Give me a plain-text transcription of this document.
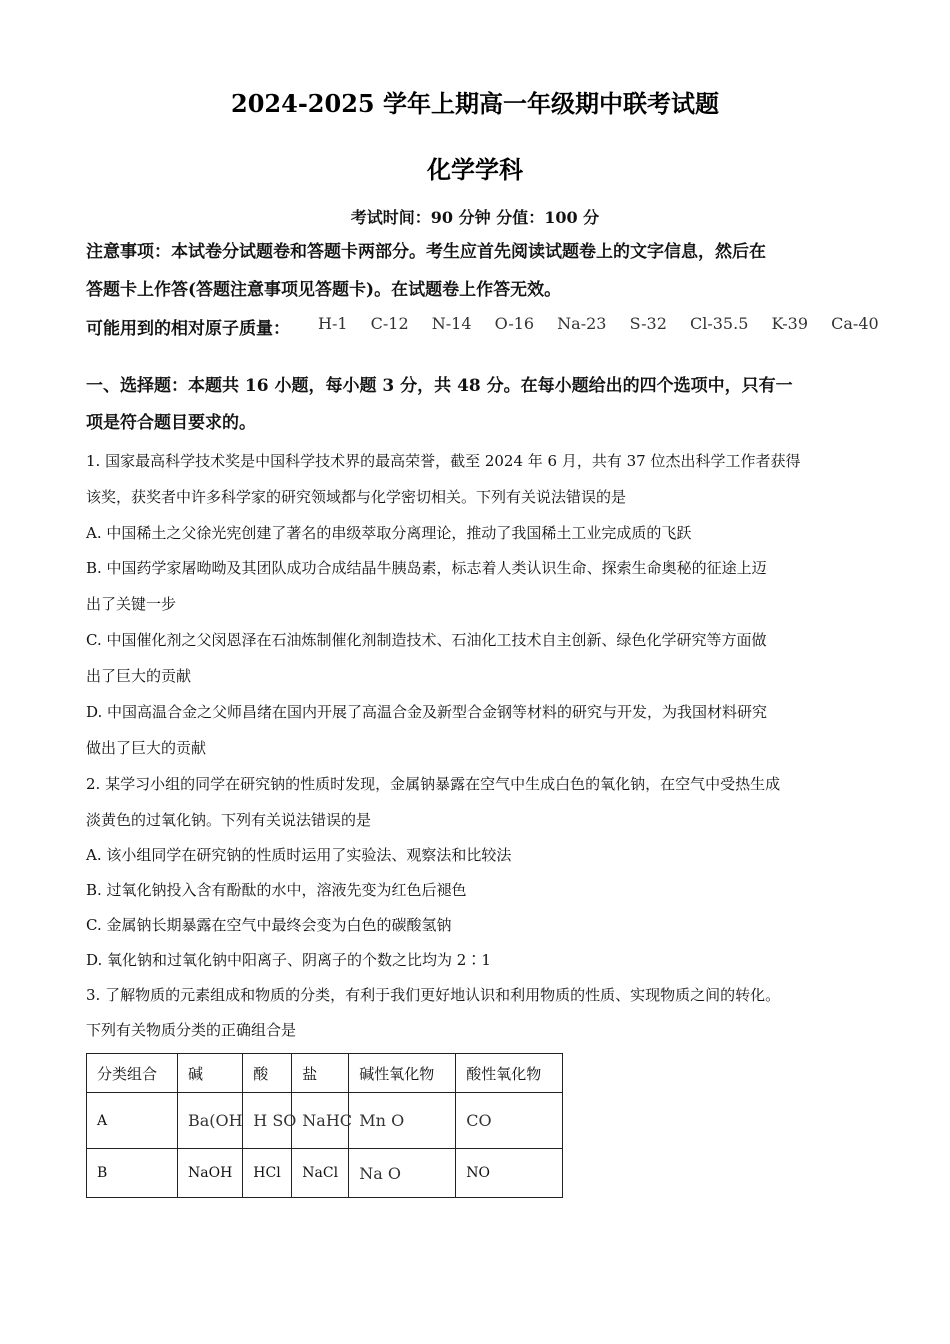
2024-2025 学年上期高一年级期中联考试题
化学学科
考试时间：90 分钟 分值：100 分
注意事项：本试卷分试题卷和答题卡两部分。考生应首先阅读试题卷上的文字信息，然后在
答题卡上作答(答题注意事项见答题卡)。在试题卷上作答无效。
可能用到的相对原子质量： H-1 C-12 N-14 O-16 Na-23 S-32 Cl-35.5 K-39 Ca-40
一、选择题：本题共 16 小题，每小题 3 分，共 48 分。在每小题给出的四个选项中，只有一
项是符合题目要求的。
1. 国家最高科学技术奖是中国科学技术界的最高荣誉，截至 2024 年 6 月，共有 37 位杰出科学工作者获得
该奖，获奖者中许多科学家的研究领域都与化学密切相关。下列有关说法错误的是
A. 中国稀土之父徐光宪创建了著名的串级萃取分离理论，推动了我国稀土工业完成质的飞跃
B. 中国药学家屠呦呦及其团队成功合成结晶牛胰岛素，标志着人类认识生命、探索生命奥秘的征途上迈
出了关键一步
C. 中国催化剂之父闵恩泽在石油炼制催化剂制造技术、石油化工技术自主创新、绿色化学研究等方面做
出了巨大的贡献
D. 中国高温合金之父师昌绪在国内开展了高温合金及新型合金钢等材料的研究与开发，为我国材料研究
做出了巨大的贡献
2. 某学习小组的同学在研究钠的性质时发现，金属钠暴露在空气中生成白色的氧化钠，在空气中受热生成
淡黄色的过氧化钠。下列有关说法错误的是
A. 该小组同学在研究钠的性质时运用了实验法、观察法和比较法
B. 过氧化钠投入含有酚酞的水中，溶液先变为红色后褪色
C. 金属钠长期暴露在空气中最终会变为白色的碳酸氢钠
D. 氧化钠和过氧化钠中阳离子、阴离子的个数之比均为 2∶1
3. 了解物质的元素组成和物质的分类，有利于我们更好地认识和利用物质的性质、实现物质之间的转化。
下列有关物质分类的正确组合是
分类组合	碱	酸	盐	碱性氧化物	酸性氧化物
A	Ba(OH	H SO	NaHC	Mn O	CO
B	NaOH	HCl	NaCl	Na O	NO
